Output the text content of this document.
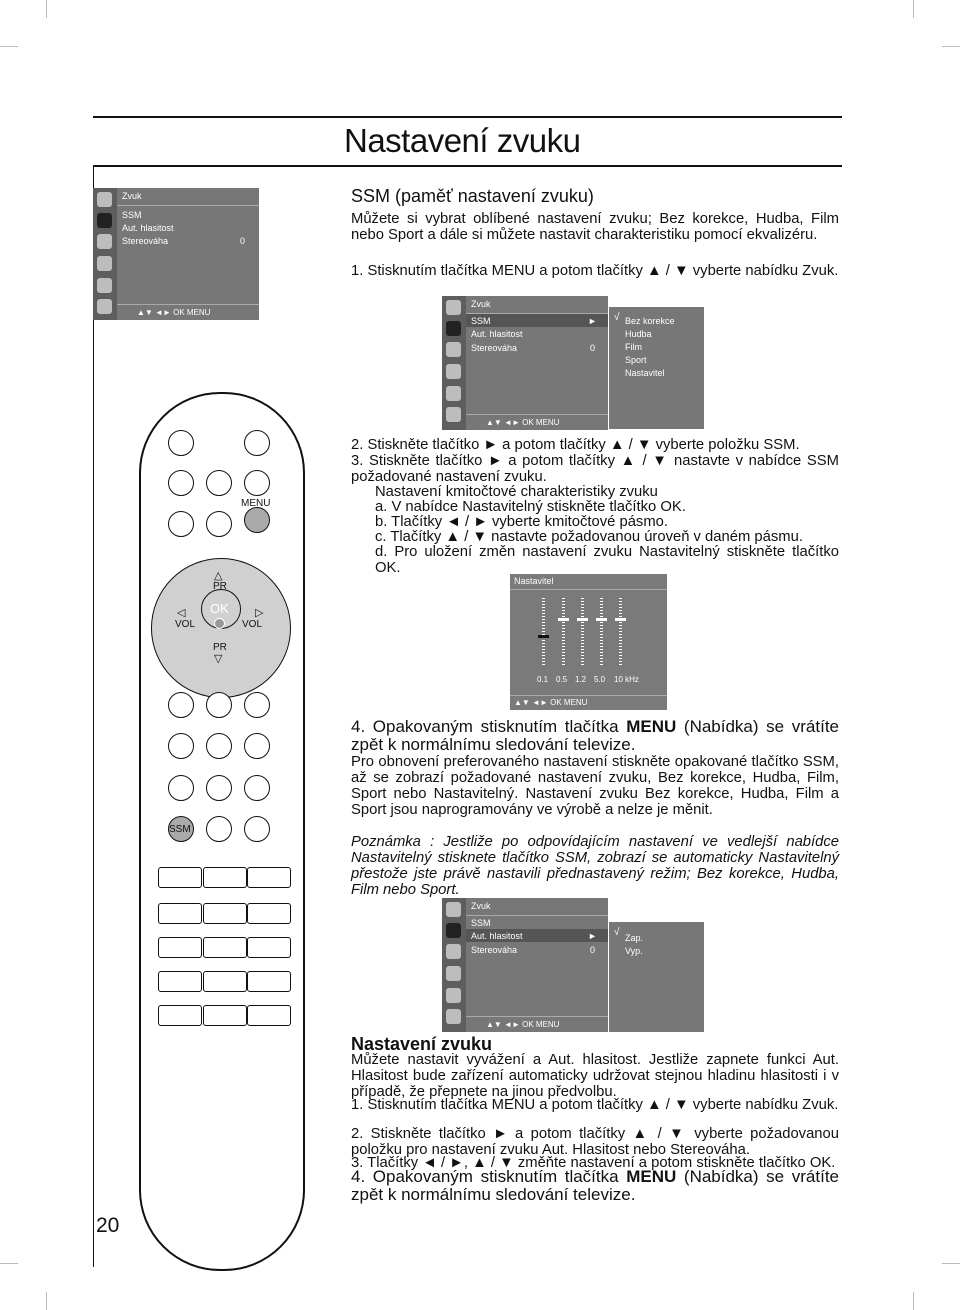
Nastavení zvuku
20
Zvuk
SSM
Aut. hlasitost
Stereováha	0
▲▼ ◄► OK MENU
Zvuk
SSM	►
Aut. hlasitost
Stereováha	0
▲▼ ◄► OK MENU
√ Bez korekce
Hudba
Film
Sport
Nastavitel
Nastavitel
0.1 0.5 1.2 5.0 10 kHz
▲▼ ◄► OK MENU
Zvuk
SSM
Aut. hlasitost	►
Stereováha	0
▲▼ ◄► OK MENU
√ Zap.
Vyp.
MENU
△
PR
OK
◁
VOL
▷
VOL
PR
▽
SSM
SSM (paměť nastavení zvuku)
Můžete si vybrat oblíbené nastavení zvuku; Bez korekce, Hudba, Film nebo Sport a dále si můžete nastavit charakteristiku pomocí ekvalizéru.
1. Stisknutím tlačítka MENU a potom tlačítky ▲ / ▼ vyberte nabídku Zvuk.
2. Stiskněte tlačítko ► a potom tlačítky ▲ / ▼ vyberte položku SSM.
3. Stiskněte tlačítko ► a potom tlačítky ▲ / ▼ nastavte v nabídce SSM požadované nastavení zvuku.
Nastavení kmitočtové charakteristiky zvuku
a. V nabídce Nastavitelný stiskněte tlačítko OK.
b. Tlačítky ◄ / ► vyberte kmitočtové pásmo.
c. Tlačítky ▲ / ▼ nastavte požadovanou úroveň v daném pásmu.
d. Pro uložení změn nastavení zvuku Nastavitelný stiskněte tlačítko OK.
4. Opakovaným stisknutím tlačítka MENU (Nabídka) se vrátíte zpět k normálnímu sledování televize.
Pro obnovení preferovaného nastavení stiskněte opakované tlačítko SSM, až se zobrazí požadované nastavení zvuku, Bez korekce, Hudba, Film, Sport nebo Nastavitelný. Nastavení zvuku Bez korekce, Hudba, Film a Sport jsou naprogramovány ve výrobě a nelze je měnit.
Poznámka : Jestliže po odpovídajícím nastavení ve vedlejší nabídce Nastavitelný stisknete tlačítko SSM, zobrazí se automaticky Nastavitelný přestože jste právě nastavili přednastavený režim; Bez korekce, Hudba, Film nebo Sport.
Nastavení zvuku
Můžete nastavit vyvážení a Aut. hlasitost. Jestliže zapnete funkci Aut. Hlasitost bude zařízení automaticky udržovat stejnou hladinu hlasitosti i v případě, že přepnete na jinou předvolbu.
1. Stisknutím tlačítka MENU a potom tlačítky ▲ / ▼ vyberte nabídku Zvuk.
2. Stiskněte tlačítko ► a potom tlačítky ▲ / ▼ vyberte požadovanou položku pro nastavení zvuku Aut. Hlasitost nebo Stereováha.
3. Tlačítky ◄ / ►, ▲ / ▼ změňte nastavení a potom stiskněte tlačítko OK.
4. Opakovaným stisknutím tlačítka MENU (Nabídka) se vrátíte zpět k normálnímu sledování televize.
